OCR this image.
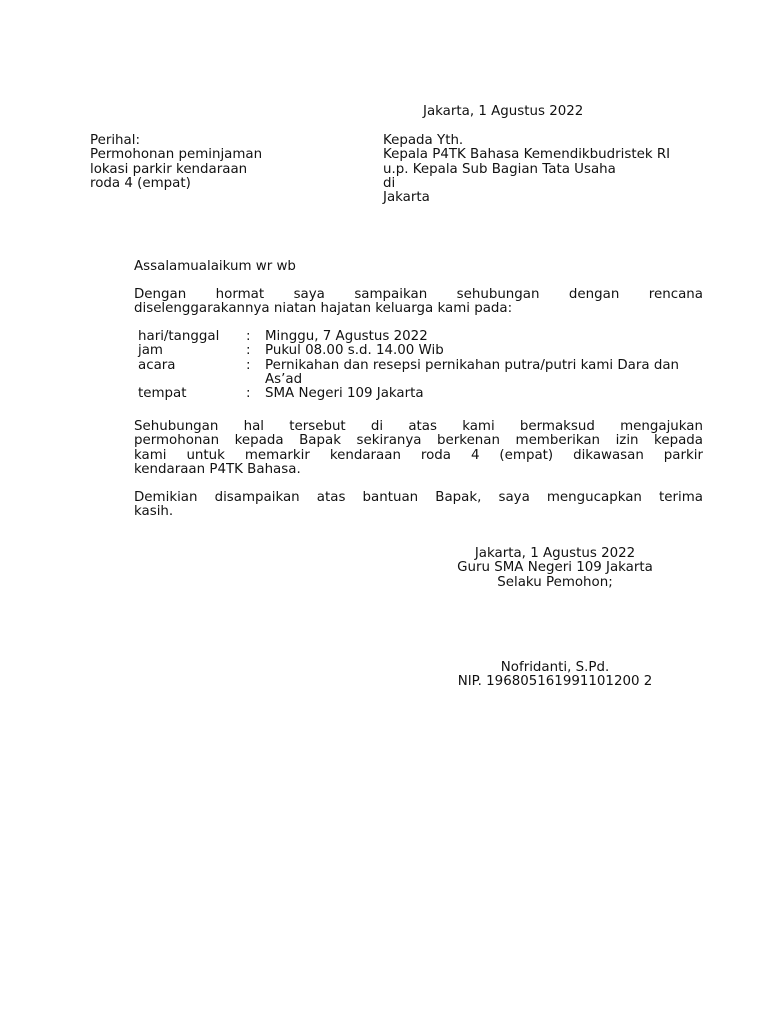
Jakarta, 1 Agustus 2022
Perihal:
Permohonan peminjaman
lokasi parkir kendaraan
roda 4 (empat)
Kepada Yth.
Kepala P4TK Bahasa Kemendikbudristek RI
u.p. Kepala Sub Bagian Tata Usaha
di
Jakarta
Assalamualaikum wr wb
Dengan hormat saya sampaikan sehubungan dengan rencana
diselenggarakannya niatan hajatan keluarga kami pada:
hari/tanggal : Minggu, 7 Agustus 2022
jam	: Pukul 08.00 s.d. 14.00 Wib
acara	: Pernikahan dan resepsi pernikahan putra/putri kami Dara dan As’ad
tempat	: SMA Negeri 109 Jakarta
Sehubungan hal tersebut di atas kami bermaksud mengajukan
permohonan kepada Bapak sekiranya berkenan memberikan izin kepada
kami untuk memarkir kendaraan roda 4 (empat) dikawasan parkir
kendaraan P4TK Bahasa.
Demikian disampaikan atas bantuan Bapak, saya mengucapkan terima
kasih.
Jakarta, 1 Agustus 2022
Guru SMA Negeri 109 Jakarta
Selaku Pemohon;
Nofridanti, S.Pd.
NIP. 196805161991101200 2
